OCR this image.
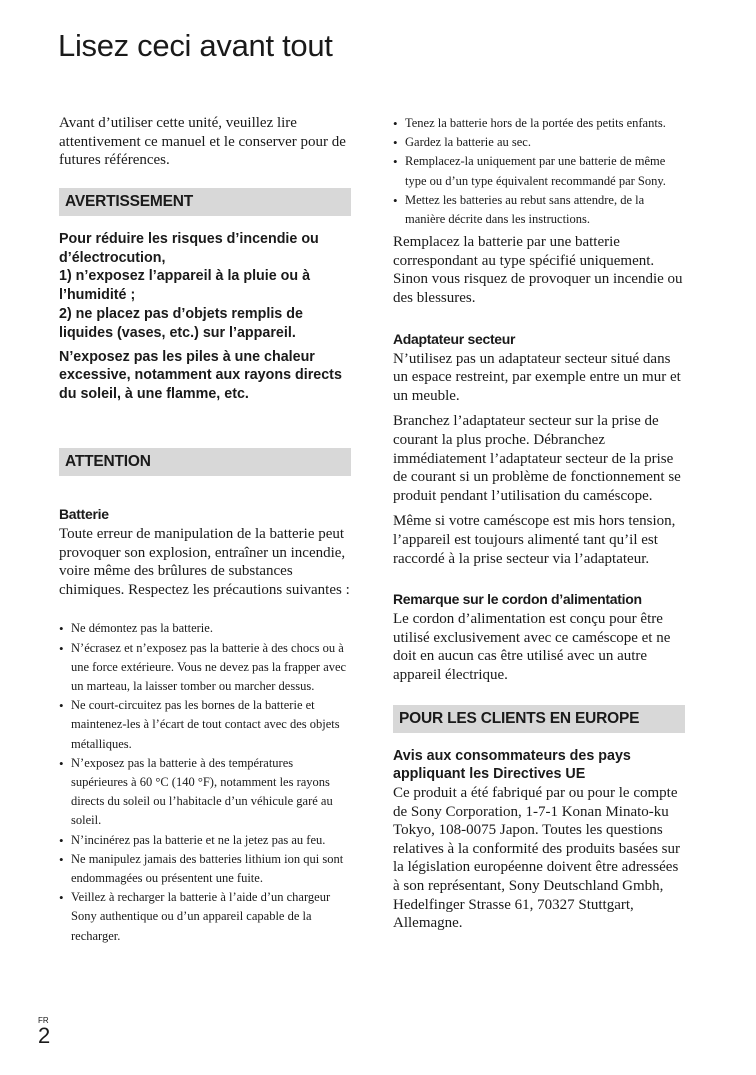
Lisez ceci avant tout

Avant d’utiliser cette unité, veuillez lire attentivement ce manuel et le conserver pour de futures références.

AVERTISSEMENT

Pour réduire les risques d’incendie ou d’électrocution,
1) n’exposez l’appareil à la pluie ou à l’humidité ;
2) ne placez pas d’objets remplis de liquides (vases, etc.) sur l’appareil.

N’exposez pas les piles à une chaleur excessive, notamment aux rayons directs du soleil, à une flamme, etc.

ATTENTION

Batterie

Toute erreur de manipulation de la batterie peut provoquer son explosion, entraîner un incendie, voire même des brûlures de substances chimiques. Respectez les précautions suivantes :

• Ne démontez pas la batterie.
• N’écrasez et n’exposez pas la batterie à des chocs ou à une force extérieure. Vous ne devez pas la frapper avec un marteau, la laisser tomber ou marcher dessus.
• Ne court-circuitez pas les bornes de la batterie et maintenez-les à l’écart de tout contact avec des objets métalliques.
• N’exposez pas la batterie à des températures supérieures à 60 °C (140 °F), notamment les rayons directs du soleil ou l’habitacle d’un véhicule garé au soleil.
• N’incinérez pas la batterie et ne la jetez pas au feu.
• Ne manipulez jamais des batteries lithium ion qui sont endommagées ou présentent une fuite.
• Veillez à recharger la batterie à l’aide d’un chargeur Sony authentique ou d’un appareil capable de la recharger.
• Tenez la batterie hors de la portée des petits enfants.
• Gardez la batterie au sec.
• Remplacez-la uniquement par une batterie de même type ou d’un type équivalent recommandé par Sony.
• Mettez les batteries au rebut sans attendre, de la manière décrite dans les instructions.

Remplacez la batterie par une batterie correspondant au type spécifié uniquement. Sinon vous risquez de provoquer un incendie ou des blessures.

Adaptateur secteur

N’utilisez pas un adaptateur secteur situé dans un espace restreint, par exemple entre un mur et un meuble.

Branchez l’adaptateur secteur sur la prise de courant la plus proche. Débranchez immédiatement l’adaptateur secteur de la prise de courant si un problème de fonctionnement se produit pendant l’utilisation du caméscope.

Même si votre caméscope est mis hors tension, l’appareil est toujours alimenté tant qu’il est raccordé à la prise secteur via l’adaptateur.

Remarque sur le cordon d’alimentation

Le cordon d’alimentation est conçu pour être utilisé exclusivement avec ce caméscope et ne doit en aucun cas être utilisé avec un autre appareil électrique.

POUR LES CLIENTS EN EUROPE

Avis aux consommateurs des pays appliquant les Directives UE

Ce produit a été fabriqué par ou pour le compte de Sony Corporation, 1-7-1 Konan Minato-ku Tokyo, 108-0075 Japon. Toutes les questions relatives à la conformité des produits basées sur la législation européenne doivent être adressées à son représentant, Sony Deutschland Gmbh, Hedelfinger Strasse 61, 70327 Stuttgart, Allemagne.

FR
2
